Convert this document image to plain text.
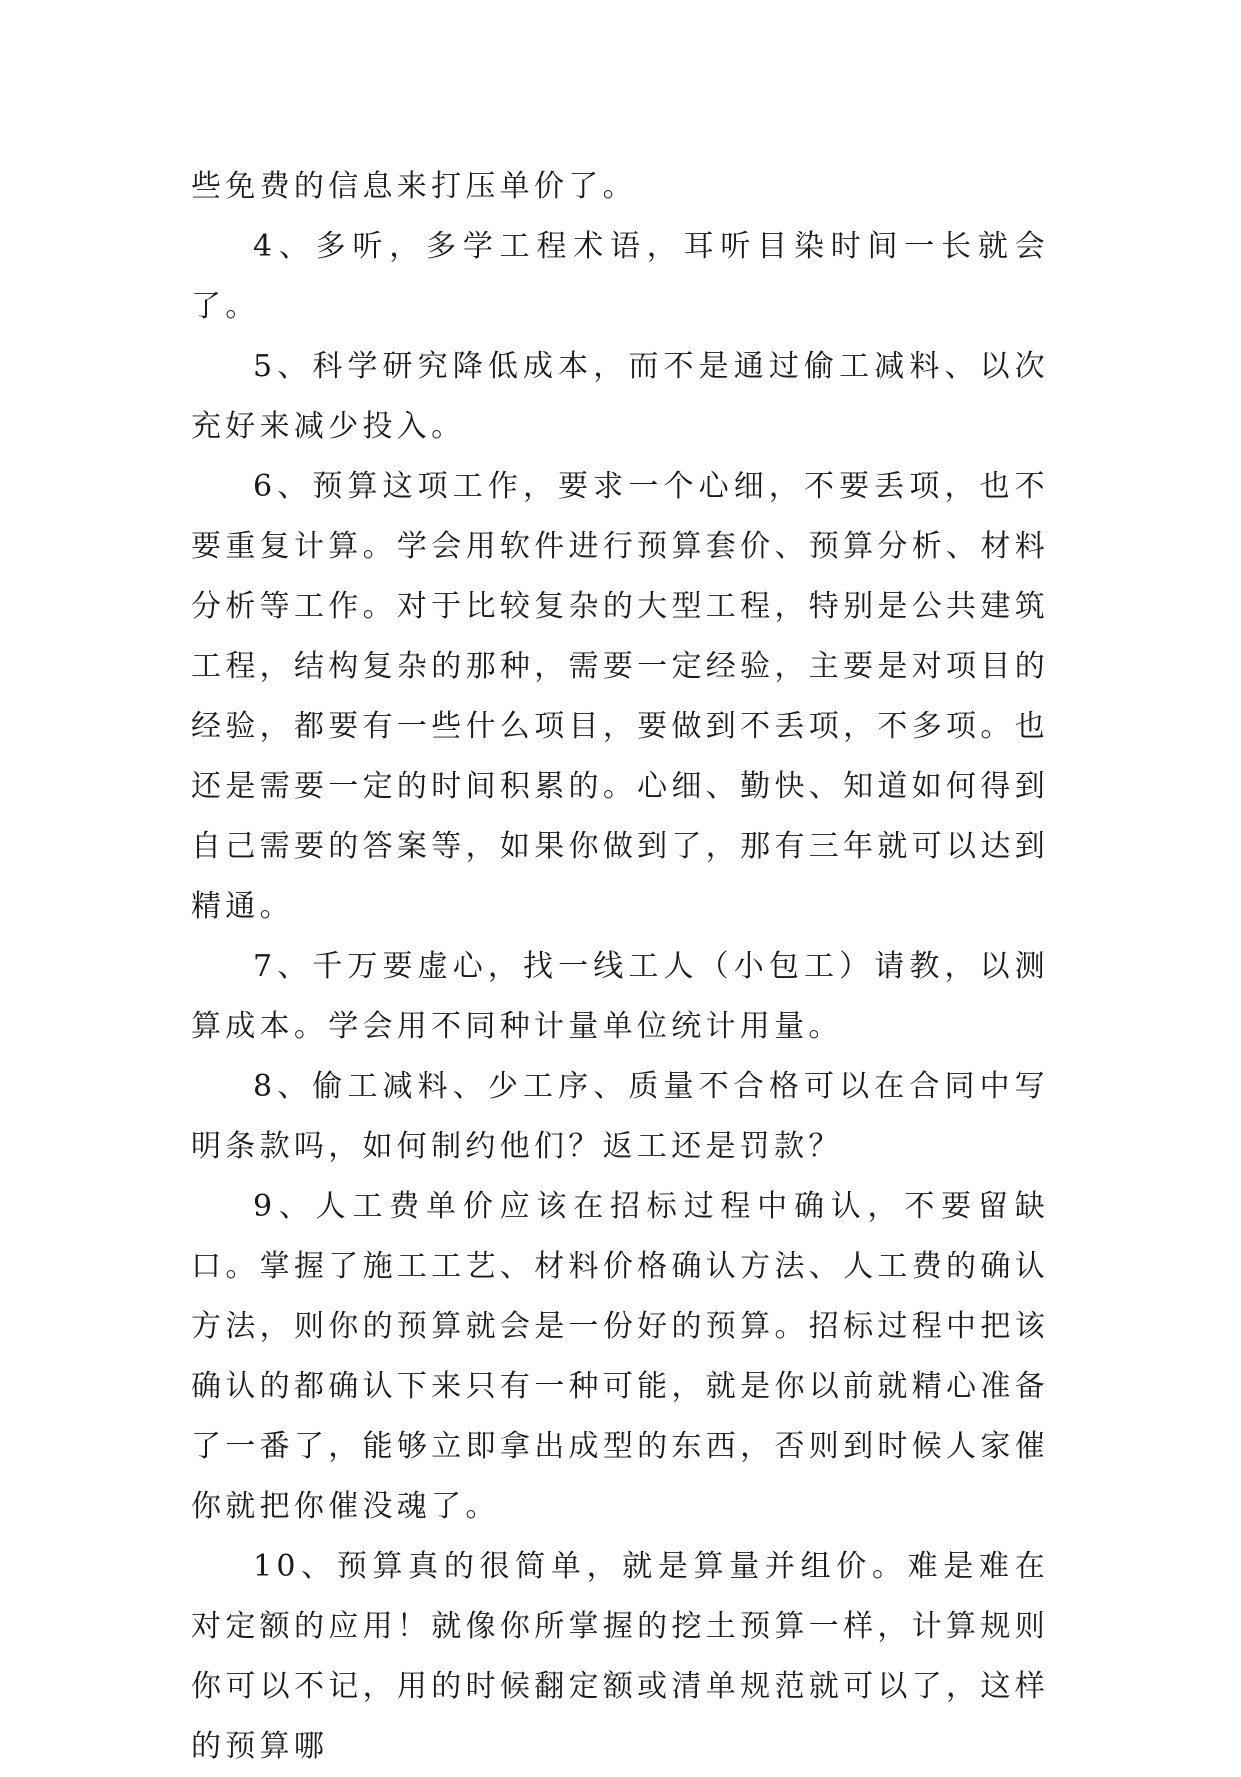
些免费的信息来打压单价了。

4、多听，多学工程术语，耳听目染时间一长就会了。

5、科学研究降低成本，而不是通过偷工减料、以次充好来减少投入。

6、预算这项工作，要求一个心细，不要丢项，也不要重复计算。学会用软件进行预算套价、预算分析、材料分析等工作。对于比较复杂的大型工程，特别是公共建筑工程，结构复杂的那种，需要一定经验，主要是对项目的经验，都要有一些什么项目，要做到不丢项，不多项。也还是需要一定的时间积累的。心细、勤快、知道如何得到自己需要的答案等，如果你做到了，那有三年就可以达到精通。

7、千万要虚心，找一线工人（小包工）请教，以测算成本。学会用不同种计量单位统计用量。

8、偷工减料、少工序、质量不合格可以在合同中写明条款吗，如何制约他们？返工还是罚款？

9、人工费单价应该在招标过程中确认，不要留缺口。掌握了施工工艺、材料价格确认方法、人工费的确认方法，则你的预算就会是一份好的预算。招标过程中把该确认的都确认下来只有一种可能，就是你以前就精心准备了一番了，能够立即拿出成型的东西，否则到时候人家催你就把你催没魂了。

10、预算真的很简单，就是算量并组价。难是难在对定额的应用！就像你所掌握的挖土预算一样，计算规则你可以不记，用的时候翻定额或清单规范就可以了，这样的预算哪
